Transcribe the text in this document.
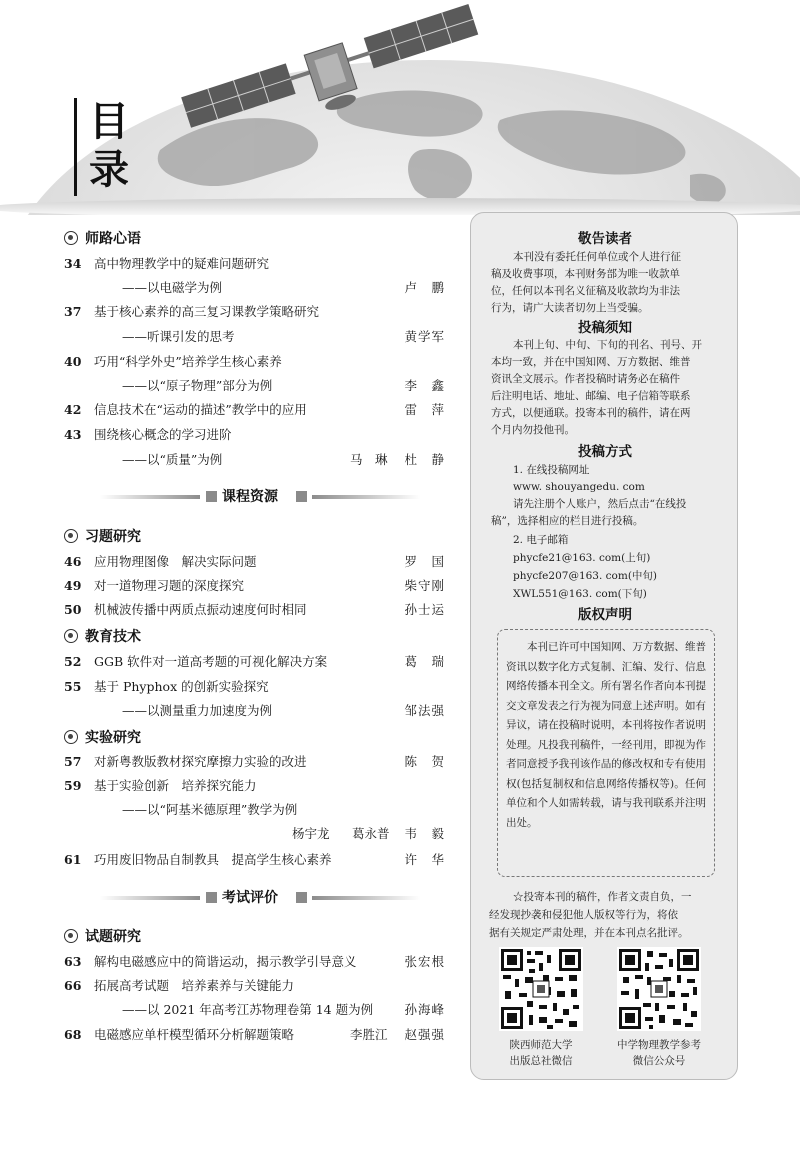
目
录
师路心语
34 高中物理教学中的疑难问题研究
——以电磁学为例	卢　鹏
37 基于核心素养的高三复习课教学策略研究
——听课引发的思考	黄学军
40 巧用“科学外史”培养学生核心素养
——以“原子物理”部分为例	李　鑫
42 信息技术在“运动的描述”教学中的应用	雷　萍
43 围绕核心概念的学习进阶
——以“质量”为例	马　琳 杜　静
课程资源
习题研究
46 应用物理图像　解决实际问题	罗　国
49 对一道物理习题的深度探究	柴守刚
50 机械波传播中两质点振动速度何时相同	孙士运
教育技术
52 GGB 软件对一道高考题的可视化解决方案	葛　瑞
55 基于 Phyphox 的创新实验探究
——以测量重力加速度为例	邹法强
实验研究
57 对新粤教版教材探究摩擦力实验的改进	陈　贺
59 基于实验创新　培养探究能力
——以“阿基米德原理”教学为例
杨宇龙 葛永普 韦　毅
61 巧用废旧物品自制教具　提高学生核心素养	许　华
考试评价
试题研究
63 解构电磁感应中的简谐运动，揭示教学引导意义	张宏根
66 拓展高考试题　培养素养与关键能力
——以 2021 年高考江苏物理卷第 14 题为例	孙海峰
68 电磁感应单杆模型循环分析解题策略	李胜江 赵强强
敬告读者
本刊没有委托任何单位或个人进行征
稿及收费事项，本刊财务部为唯一收款单
位，任何以本刊名义征稿及收款均为非法
行为，请广大读者切勿上当受骗。
投稿须知
本刊上旬、中旬、下旬的刊名、刊号、开
本均一致，并在中国知网、万方数据、维普
资讯全文展示。作者投稿时请务必在稿件
后注明电话、地址、邮编、电子信箱等联系
方式，以便通联。投寄本刊的稿件，请在两
个月内勿投他刊。
投稿方式
1. 在线投稿网址
www. shouyangedu. com
请先注册个人账户，然后点击“在线投
稿”，选择相应的栏目进行投稿。
2. 电子邮箱
phycfe21@163. com(上旬)
phycfe207@163. com(中旬)
XWL551@163. com(下旬)
版权声明
本刊已许可中国知网、万方数据、维普资讯以数字化方式复制、汇编、发行、信息网络传播本刊全文。所有署名作者向本刊提交文章发表之行为视为同意上述声明。如有异议，请在投稿时说明，本刊将按作者说明处理。凡投我刊稿件，一经刊用，即视为作者同意授予我刊该作品的修改权和专有使用权(包括复制权和信息网络传播权等)。任何单位和个人如需转载，请与我刊联系并注明出处。
☆投寄本刊的稿件，作者文责自负，一
经发现抄袭和侵犯他人版权等行为，将依
据有关规定严肃处理，并在本刊点名批评。
陕西师范大学
出版总社微信
中学物理教学参考
微信公众号
